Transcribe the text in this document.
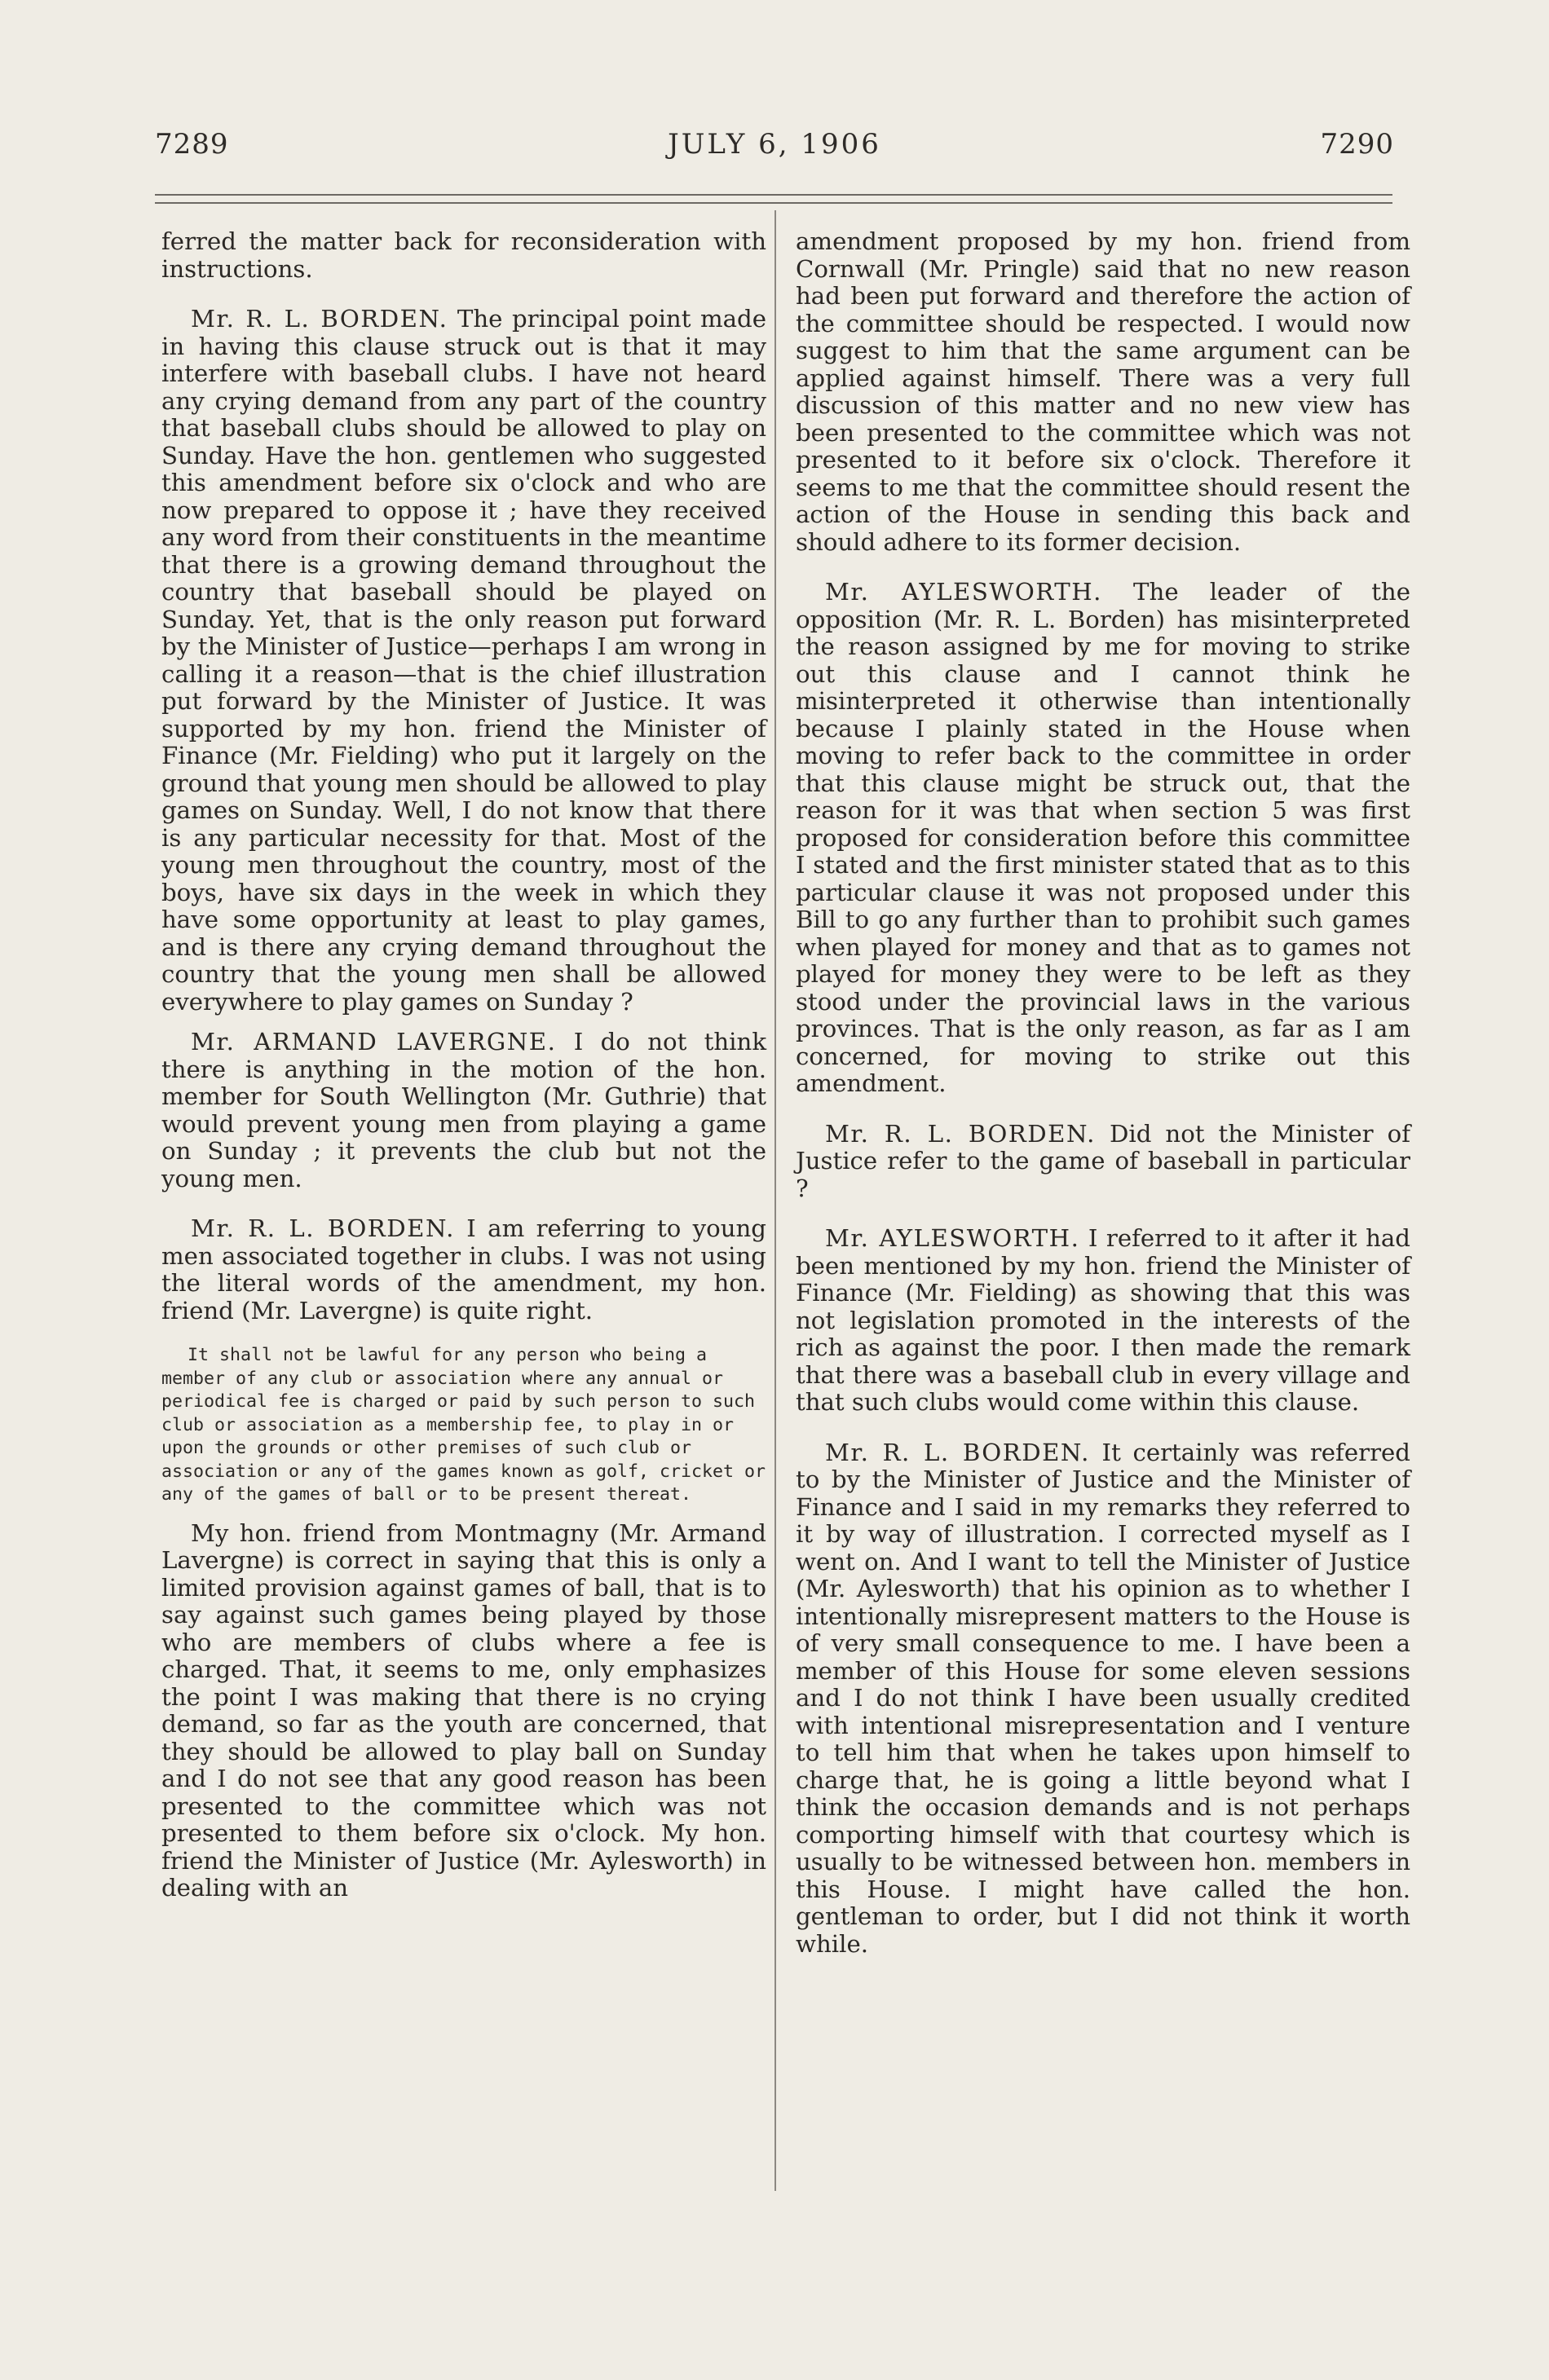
7289	JULY 6, 1906	7290

ferred the matter back for reconsideration with instructions.

Mr. R. L. BORDEN. The principal point made in having this clause struck out is that it may interfere with baseball clubs. I have not heard any crying demand from any part of the country that baseball clubs should be allowed to play on Sunday. Have the hon. gentlemen who suggested this amendment before six o'clock and who are now prepared to oppose it ; have they received any word from their constituents in the meantime that there is a growing demand throughout the country that baseball should be played on Sunday. Yet, that is the only reason put forward by the Minister of Justice—perhaps I am wrong in calling it a reason—that is the chief illustration put forward by the Minister of Justice. It was supported by my hon. friend the Minister of Finance (Mr. Fielding) who put it largely on the ground that young men should be allowed to play games on Sunday. Well, I do not know that there is any particular necessity for that. Most of the young men throughout the country, most of the boys, have six days in the week in which they have some opportunity at least to play games, and is there any crying demand throughout the country that the young men shall be allowed everywhere to play games on Sunday ?

Mr. ARMAND LAVERGNE. I do not think there is anything in the motion of the hon. member for South Wellington (Mr. Guthrie) that would prevent young men from playing a game on Sunday ; it prevents the club but not the young men.

Mr. R. L. BORDEN. I am referring to young men associated together in clubs. I was not using the literal words of the amendment, my hon. friend (Mr. Lavergne) is quite right.

It shall not be lawful for any person who being a member of any club or association where any annual or periodical fee is charged or paid by such person to such club or association as a membership fee, to play in or upon the grounds or other premises of such club or association or any of the games known as golf, cricket or any of the games of ball or to be present thereat.

My hon. friend from Montmagny (Mr. Armand Lavergne) is correct in saying that this is only a limited provision against games of ball, that is to say against such games being played by those who are members of clubs where a fee is charged. That, it seems to me, only emphasizes the point I was making that there is no crying demand, so far as the youth are concerned, that they should be allowed to play ball on Sunday and I do not see that any good reason has been presented to the committee which was not presented to them before six o'clock. My hon. friend the Minister of Justice (Mr. Aylesworth) in dealing with an

amendment proposed by my hon. friend from Cornwall (Mr. Pringle) said that no new reason had been put forward and therefore the action of the committee should be respected. I would now suggest to him that the same argument can be applied against himself. There was a very full discussion of this matter and no new view has been presented to the committee which was not presented to it before six o'clock. Therefore it seems to me that the committee should resent the action of the House in sending this back and should adhere to its former decision.

Mr. AYLESWORTH. The leader of the opposition (Mr. R. L. Borden) has misinterpreted the reason assigned by me for moving to strike out this clause and I cannot think he misinterpreted it otherwise than intentionally because I plainly stated in the House when moving to refer back to the committee in order that this clause might be struck out, that the reason for it was that when section 5 was first proposed for consideration before this committee I stated and the first minister stated that as to this particular clause it was not proposed under this Bill to go any further than to prohibit such games when played for money and that as to games not played for money they were to be left as they stood under the provincial laws in the various provinces. That is the only reason, as far as I am concerned, for moving to strike out this amendment.

Mr. R. L. BORDEN. Did not the Minister of Justice refer to the game of baseball in particular ?

Mr. AYLESWORTH. I referred to it after it had been mentioned by my hon. friend the Minister of Finance (Mr. Fielding) as showing that this was not legislation promoted in the interests of the rich as against the poor. I then made the remark that there was a baseball club in every village and that such clubs would come within this clause.

Mr. R. L. BORDEN. It certainly was referred to by the Minister of Justice and the Minister of Finance and I said in my remarks they referred to it by way of illustration. I corrected myself as I went on. And I want to tell the Minister of Justice (Mr. Aylesworth) that his opinion as to whether I intentionally misrepresent matters to the House is of very small consequence to me. I have been a member of this House for some eleven sessions and I do not think I have been usually credited with intentional misrepresentation and I venture to tell him that when he takes upon himself to charge that, he is going a little beyond what I think the occasion demands and is not perhaps comporting himself with that courtesy which is usually to be witnessed between hon. members in this House. I might have called the hon. gentleman to order, but I did not think it worth while.
